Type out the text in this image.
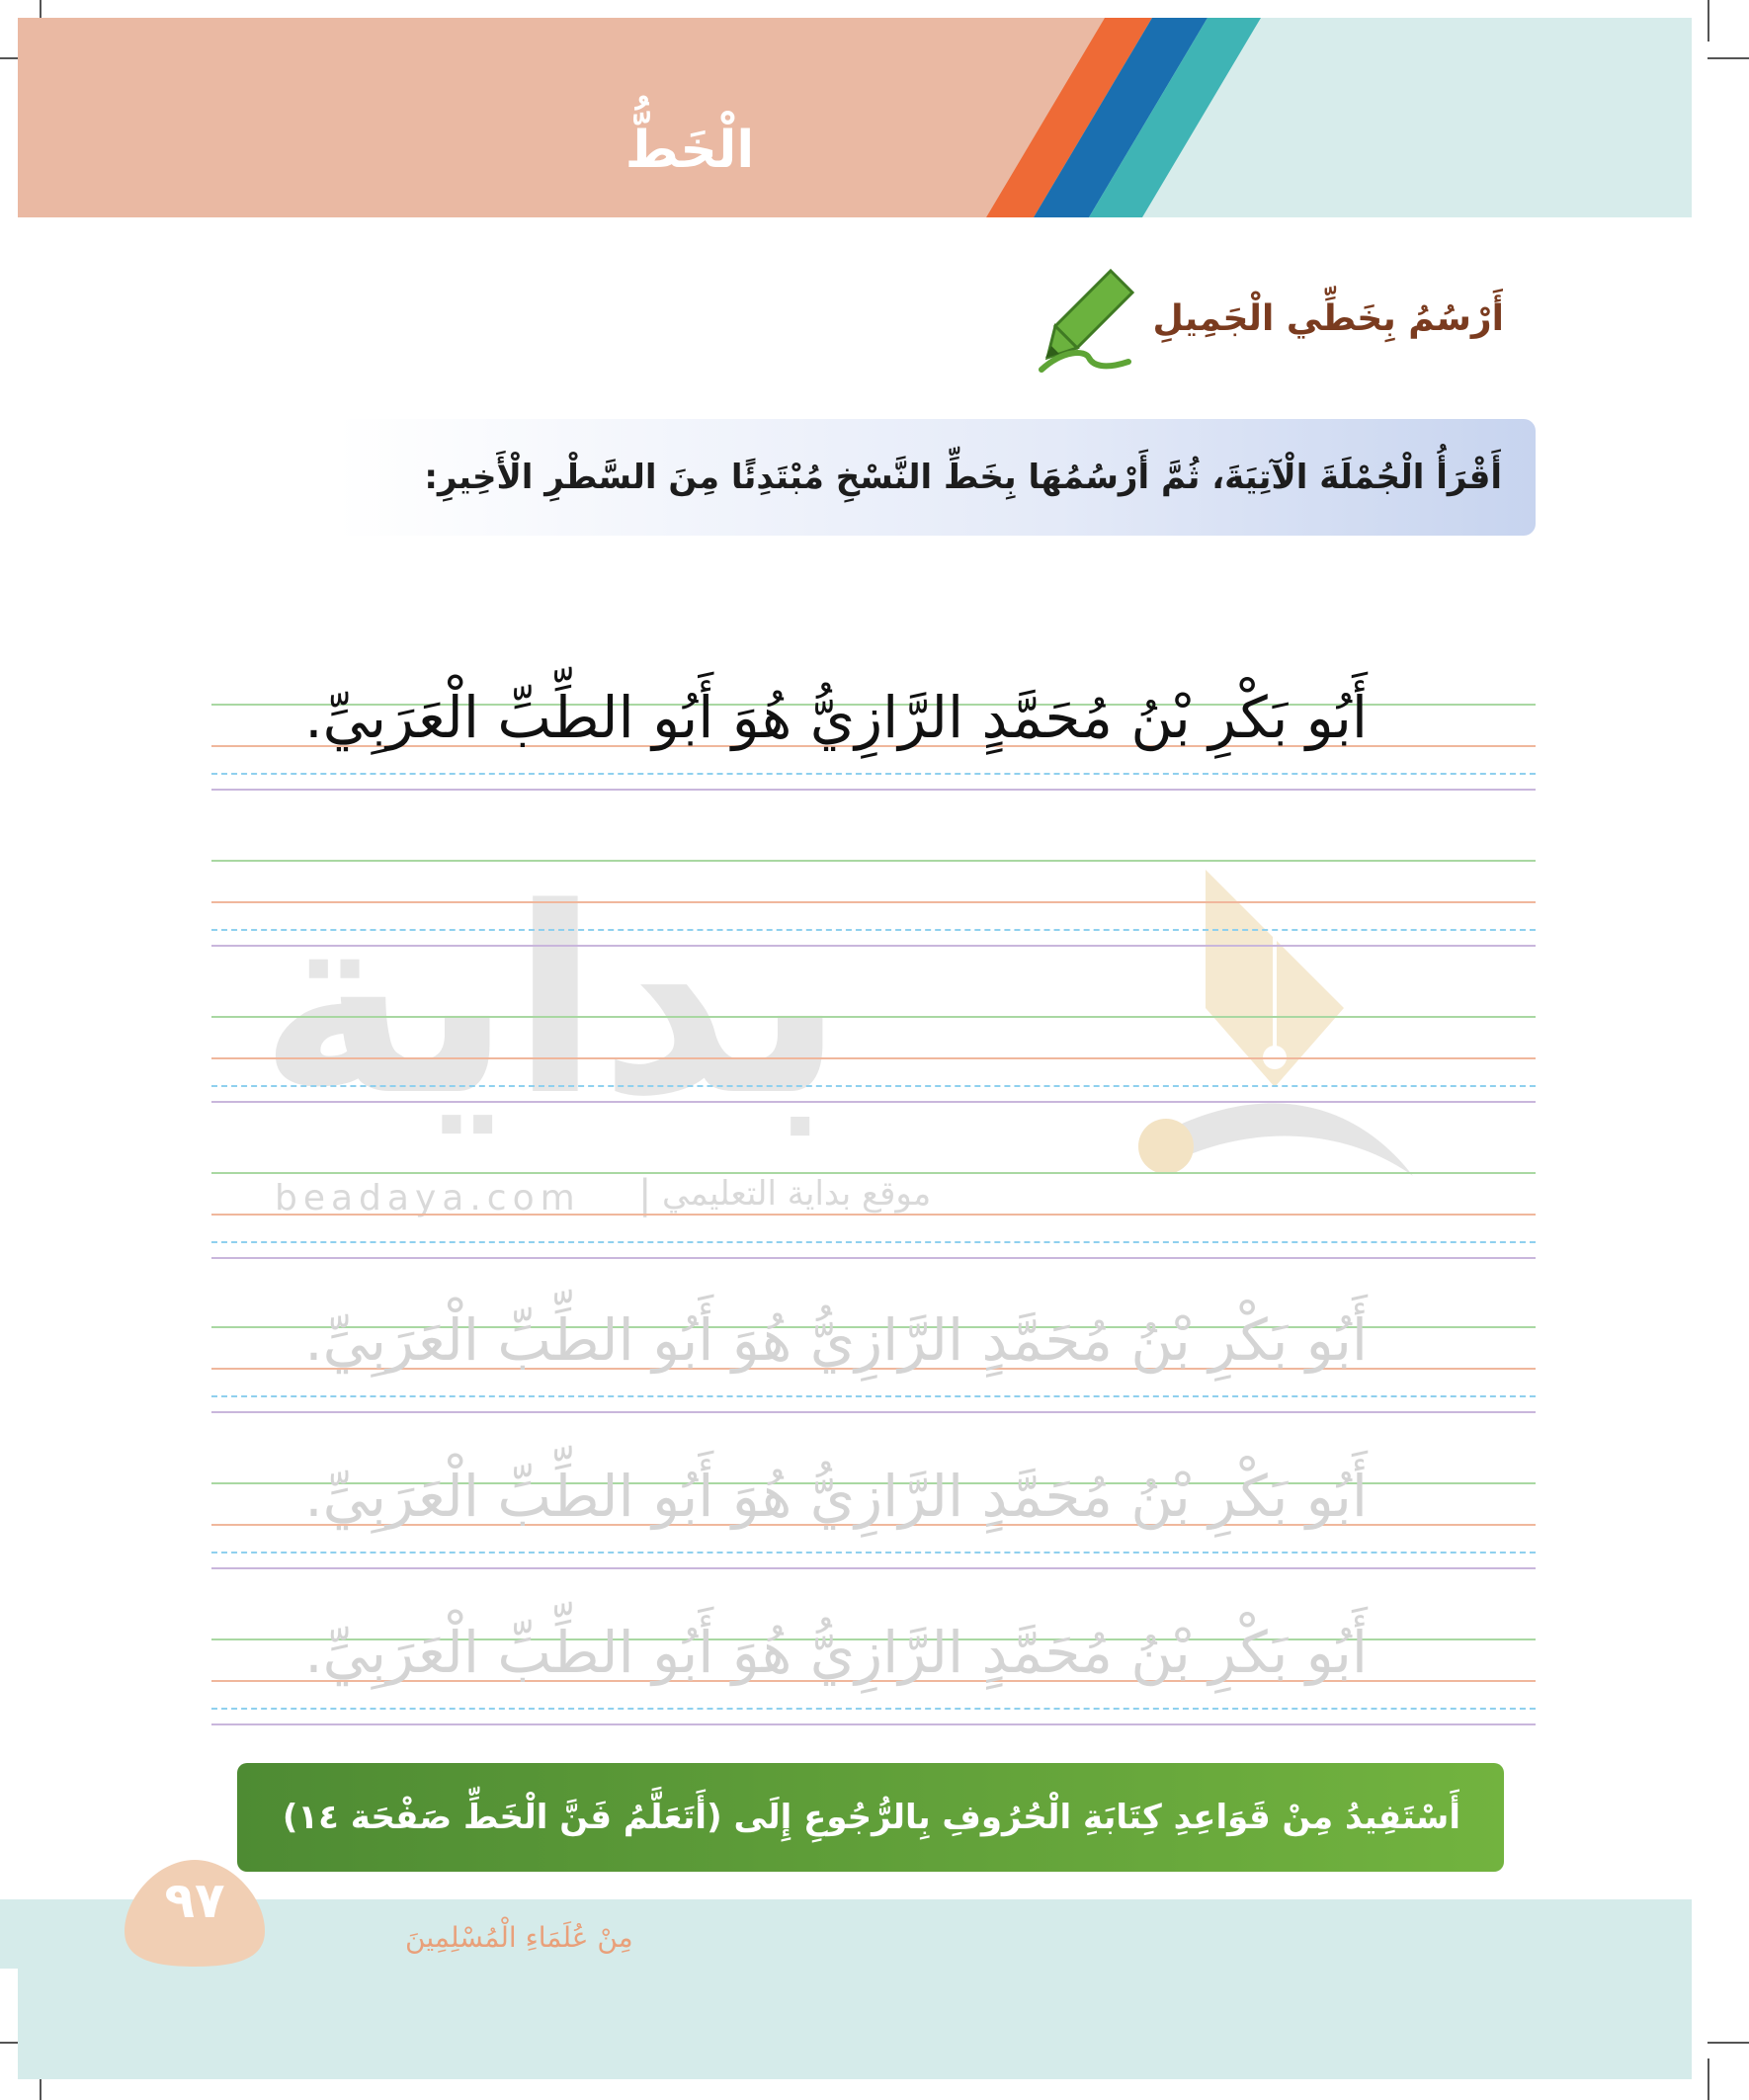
الْخَطُّ
أَرْسُمُ بِخَطِّي الْجَمِيلِ
أَقْرَأُ الْجُمْلَةَ الْآتِيَةَ، ثُمَّ أَرْسُمُهَا بِخَطِّ النَّسْخِ مُبْتَدِئًا مِنَ السَّطْرِ الْأَخِيرِ:
بداية
beadaya.com | موقع بداية التعليمي
أَبُو بَكْرِ بْنُ مُحَمَّدٍ الرَّازِيُّ هُوَ أَبُو الطِّبِّ الْعَرَبِيِّ.
أَبُو بَكْرِ بْنُ مُحَمَّدٍ الرَّازِيُّ هُوَ أَبُو الطِّبِّ الْعَرَبِيِّ.
أَبُو بَكْرِ بْنُ مُحَمَّدٍ الرَّازِيُّ هُوَ أَبُو الطِّبِّ الْعَرَبِيِّ.
أَبُو بَكْرِ بْنُ مُحَمَّدٍ الرَّازِيُّ هُوَ أَبُو الطِّبِّ الْعَرَبِيِّ.
أَسْتَفِيدُ مِنْ قَوَاعِدِ كِتَابَةِ الْحُرُوفِ بِالرُّجُوعِ إِلَى (أَتَعَلَّمُ فَنَّ الْخَطِّ صَفْحَة ١٤)
٩٧
مِنْ عُلَمَاءِ الْمُسْلِمِينَ
